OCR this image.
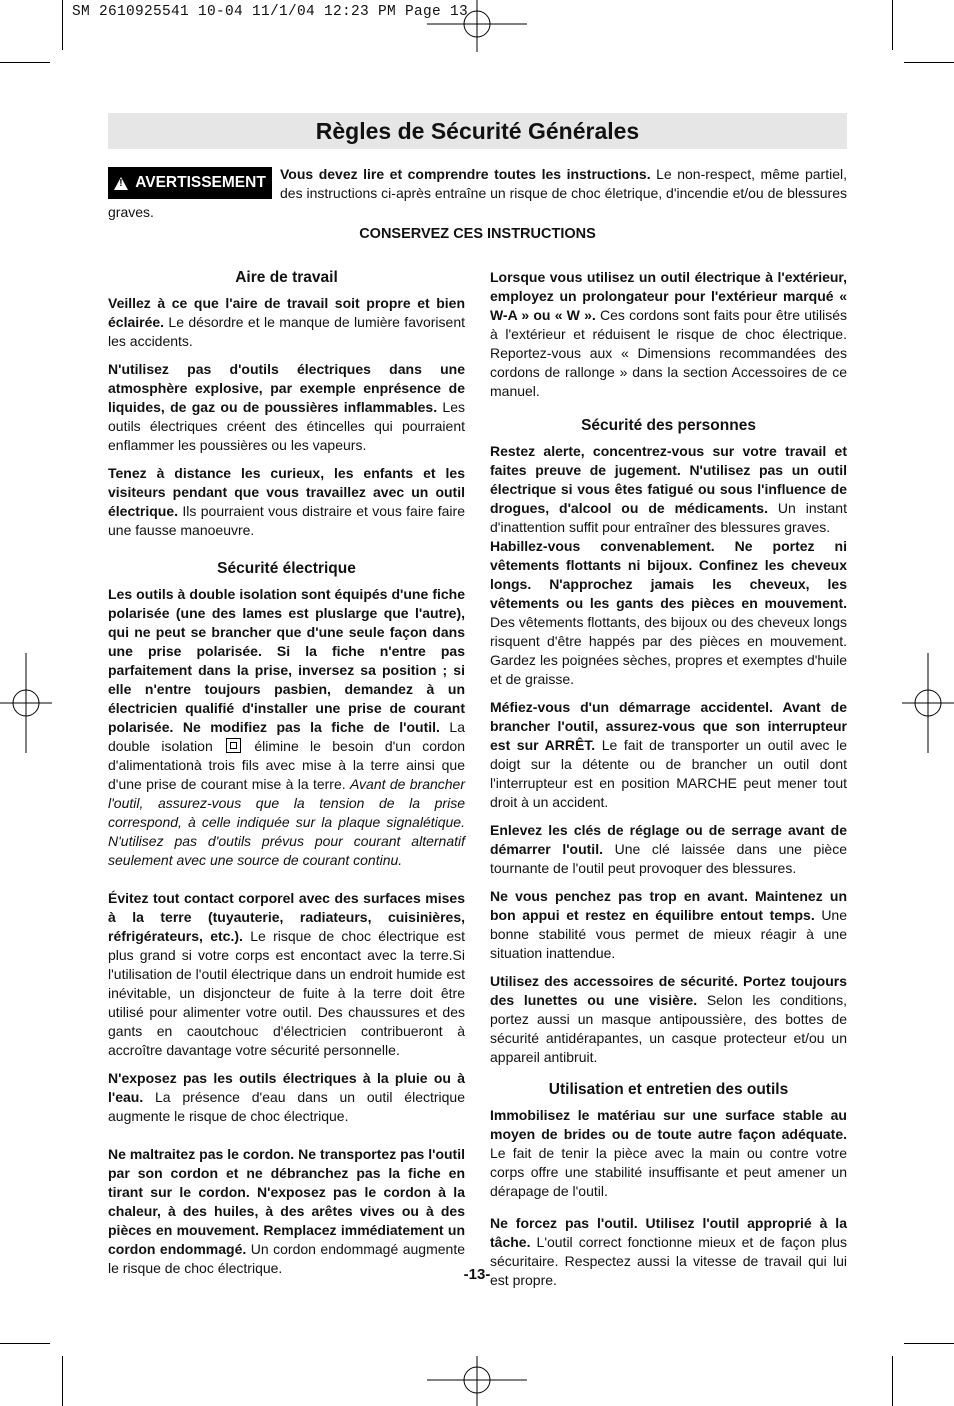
SM 2610925541 10-04 11/1/04 12:23 PM Page 13
Règles de Sécurité Générales
!
AVERTISSEMENT	Vous devez lire et comprendre toutes les instructions. Le non-respect, même partiel, des instructions ci-après entraîne un risque de choc életrique, d'incendie et/ou de blessures graves.
CONSERVEZ CES INSTRUCTIONS
Aire de travail

Veillez à ce que l'aire de travail soit propre et bien éclairée. Le désordre et le manque de lumière favorisent les accidents.

N'utilisez pas d'outils électriques dans une atmosphère explosive, par exemple enprésence de liquides, de gaz ou de poussières inflammables. Les outils électriques créent des étincelles qui pourraient enflammer les poussières ou les vapeurs.

Tenez à distance les curieux, les enfants et les visiteurs pendant que vous travaillez avec un outil électrique. Ils pourraient vous distraire et vous faire faire une fausse manoeuvre.

Sécurité électrique

Les outils à double isolation sont équipés d'une fiche polarisée (une des lames est pluslarge que l'autre), qui ne peut se brancher que d'une seule façon dans une prise polarisée. Si la fiche n'entre pas parfaitement dans la prise, inversez sa position ; si elle n'entre toujours pasbien, demandez à un électricien qualifié d'installer une prise de courant polarisée. Ne modifiez pas la fiche de l'outil. La double isolation  élimine le besoin d'un cordon d'alimentationà trois fils avec mise à la terre ainsi que d'une prise de courant mise à la terre. Avant de brancher l'outil, assurez-vous que la tension de la prise correspond, à celle indiquée sur la plaque signalétique. N'utilisez pas d'outils prévus pour courant alternatif seulement avec une source de courant continu.

Évitez tout contact corporel avec des surfaces mises à la terre (tuyauterie, radiateurs, cuisinières, réfrigérateurs, etc.). Le risque de choc électrique est plus grand si votre corps est encontact avec la terre.Si l'utilisation de l'outil électrique dans un endroit humide est inévitable, un disjoncteur de fuite à la terre doit être utilisé pour alimenter votre outil. Des chaussures et des gants en caoutchouc d'électricien contribueront à accroître davantage votre sécurité personnelle.

N'exposez pas les outils électriques à la pluie ou à l'eau. La présence d'eau dans un outil électrique augmente le risque de choc électrique.

Ne maltraitez pas le cordon. Ne transportez pas l'outil par son cordon et ne débranchez pas la fiche en tirant sur le cordon. N'exposez pas le cordon à la chaleur, à des huiles, à des arêtes vives ou à des pièces en mouvement. Remplacez immédiatement un cordon endommagé. Un cordon endommagé augmente le risque de choc électrique.

Lorsque vous utilisez un outil électrique à l'extérieur, employez un prolongateur pour l'extérieur marqué « W-A » ou « W ». Ces cordons sont faits pour être utilisés à l'extérieur et réduisent le risque de choc électrique. Reportez-vous aux « Dimensions recommandées des cordons de rallonge » dans la section Accessoires de ce manuel.

Sécurité des personnes

Restez alerte, concentrez-vous sur votre travail et faites preuve de jugement. N'utilisez pas un outil électrique si vous êtes fatigué ou sous l'influence de drogues, d'alcool ou de médicaments. Un instant d'inattention suffit pour entraîner des blessures graves.

Habillez-vous convenablement. Ne portez ni vêtements flottants ni bijoux. Confinez les cheveux longs. N'approchez jamais les cheveux, les vêtements ou les gants des pièces en mouvement. Des vêtements flottants, des bijoux ou des cheveux longs risquent d'être happés par des pièces en mouvement. Gardez les poignées sèches, propres et exemptes d'huile et de graisse.

Méfiez-vous d'un démarrage accidentel. Avant de brancher l'outil, assurez-vous que son interrupteur est sur ARRÊT. Le fait de transporter un outil avec le doigt sur la détente ou de brancher un outil dont l'interrupteur est en position MARCHE peut mener tout droit à un accident.

Enlevez les clés de réglage ou de serrage avant de démarrer l'outil. Une clé laissée dans une pièce tournante de l'outil peut provoquer des blessures.

Ne vous penchez pas trop en avant. Maintenez un bon appui et restez en équilibre entout temps. Une bonne stabilité vous permet de mieux réagir à une situation inattendue.

Utilisez des accessoires de sécurité. Portez toujours des lunettes ou une visière. Selon les conditions, portez aussi un masque antipoussière, des bottes de sécurité antidérapantes, un casque protecteur et/ou un appareil antibruit.

Utilisation et entretien des outils

Immobilisez le matériau sur une surface stable au moyen de brides ou de toute autre façon adéquate. Le fait de tenir la pièce avec la main ou contre votre corps offre une stabilité insuffisante et peut amener un dérapage de l'outil.

Ne forcez pas l'outil. Utilisez l'outil approprié à la tâche. L'outil correct fonctionne mieux et de façon plus sécuritaire. Respectez aussi la vitesse de travail qui lui est propre.

-13-
